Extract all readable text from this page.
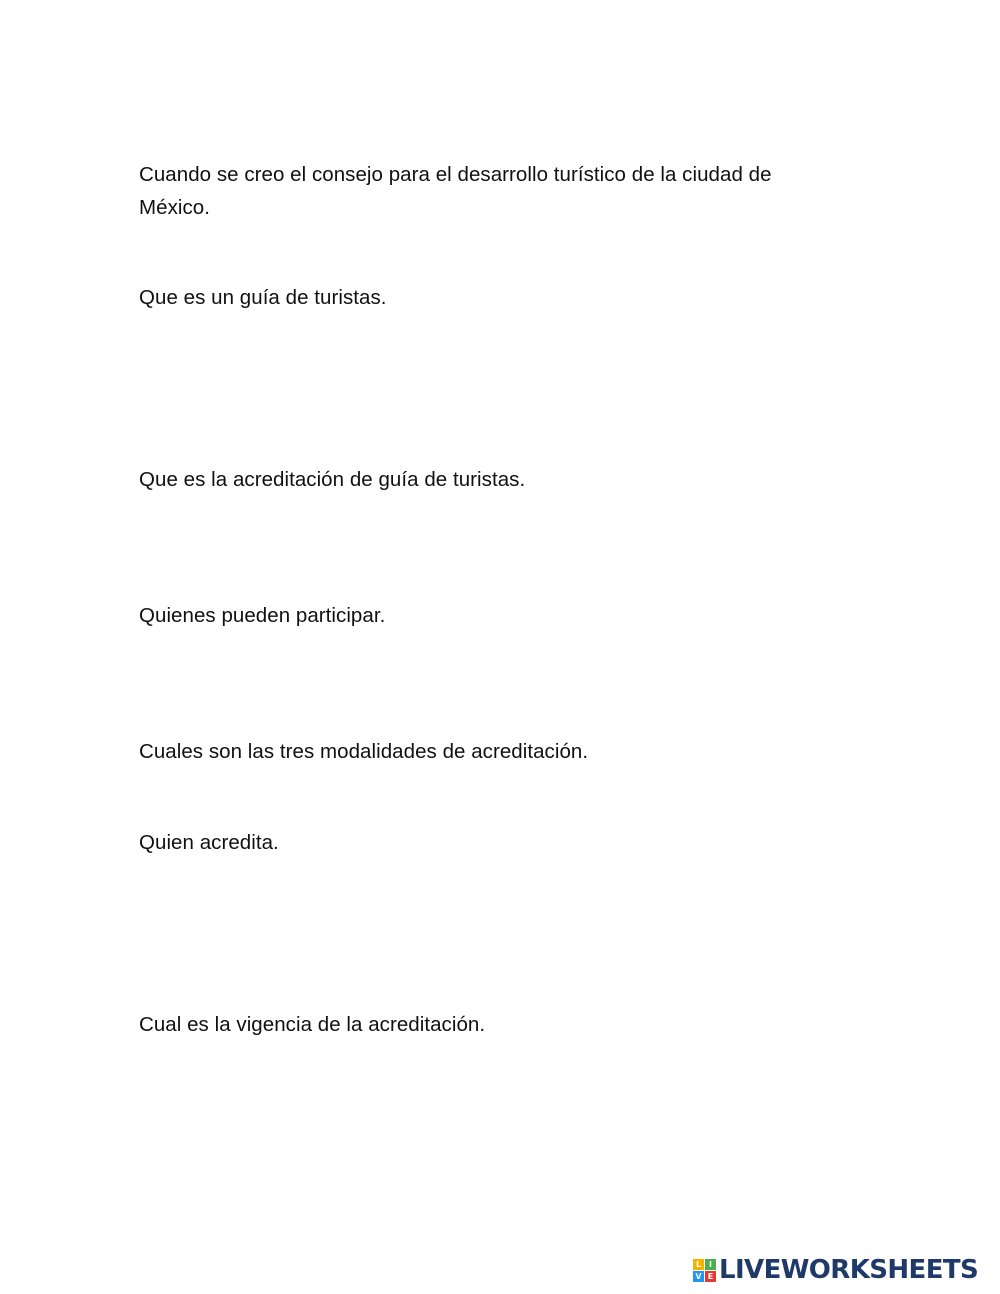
Cuando se creo el consejo para el desarrollo turístico de la ciudad de México.

Que es un guía de turistas.

Que es la acreditación de guía de turistas.

Quienes pueden participar.

Cuales son las tres modalidades de acreditación.

Quien acredita.

Cual es la vigencia de la acreditación.

L I
V E LIVEWORKSHEETS
